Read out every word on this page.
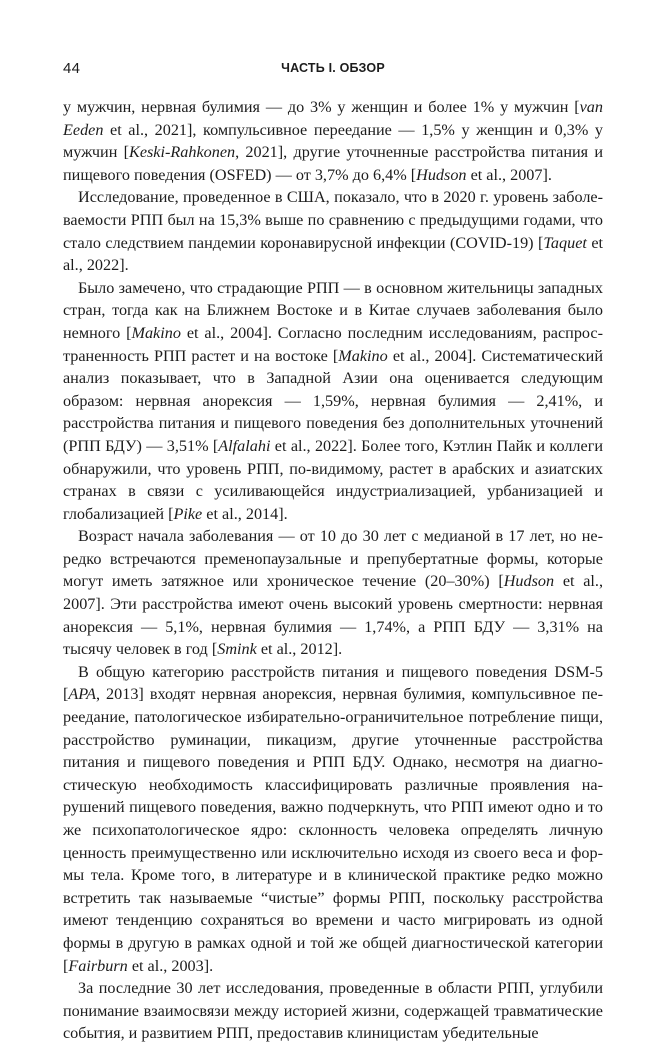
44	ЧАСТЬ I. ОБЗОР

у мужчин, нервная булимия — до 3% у женщин и более 1% у мужчин [van Eeden et al., 2021], компульсивное переедание — 1,5% у женщин и 0,3% у мужчин [Keski-Rahkonen, 2021], другие уточненные расстройства питания и пищевого поведения (OSFED) — от 3,7% до 6,4% [Hudson et al., 2007].

Исследование, проведенное в США, показало, что в 2020 г. уровень заболеваемости РПП был на 15,3% выше по сравнению с предыдущими годами, что стало следствием пандемии коронавирусной инфекции (COVID-19) [Taquet et al., 2022].

Было замечено, что страдающие РПП — в основном жительницы западных стран, тогда как на Ближнем Востоке и в Китае случаев заболевания было немного [Makino et al., 2004]. Согласно последним исследованиям, распространенность РПП растет и на востоке [Makino et al., 2004]. Систематический анализ показывает, что в Западной Азии она оценивается следующим образом: нервная анорексия — 1,59%, нервная булимия — 2,41%, и расстройства питания и пищевого поведения без дополнительных уточнений (РПП БДУ) — 3,51% [Alfalahi et al., 2022]. Более того, Кэтлин Пайк и коллеги обнаружили, что уровень РПП, по-видимому, растет в арабских и азиатских странах в связи с усиливающейся индустриализацией, урбанизацией и глобализацией [Pike et al., 2014].

Возраст начала заболевания — от 10 до 30 лет с медианой в 17 лет, но нередко встречаются пременопаузальные и препубертатные формы, которые могут иметь затяжное или хроническое течение (20–30%) [Hudson et al., 2007]. Эти расстройства имеют очень высокий уровень смертности: нервная анорексия — 5,1%, нервная булимия — 1,74%, а РПП БДУ — 3,31% на тысячу человек в год [Smink et al., 2012].

В общую категорию расстройств питания и пищевого поведения DSM-5 [APA, 2013] входят нервная анорексия, нервная булимия, компульсивное переедание, патологическое избирательно-ограничительное потребление пищи, расстройство руминации, пикацизм, другие уточненные расстройства питания и пищевого поведения и РПП БДУ. Однако, несмотря на диагностическую необходимость классифицировать различные проявления нарушений пищевого поведения, важно подчеркнуть, что РПП имеют одно и то же психопатологическое ядро: склонность человека определять личную ценность преимущественно или исключительно исходя из своего веса и формы тела. Кроме того, в литературе и в клинической практике редко можно встретить так называемые “чистые” формы РПП, поскольку расстройства имеют тенденцию сохраняться во времени и часто мигрировать из одной формы в другую в рамках одной и той же общей диагностической категории [Fairburn et al., 2003].

За последние 30 лет исследования, проведенные в области РПП, углубили понимание взаимосвязи между историей жизни, содержащей травматические события, и развитием РПП, предоставив клиницистам убедительные
